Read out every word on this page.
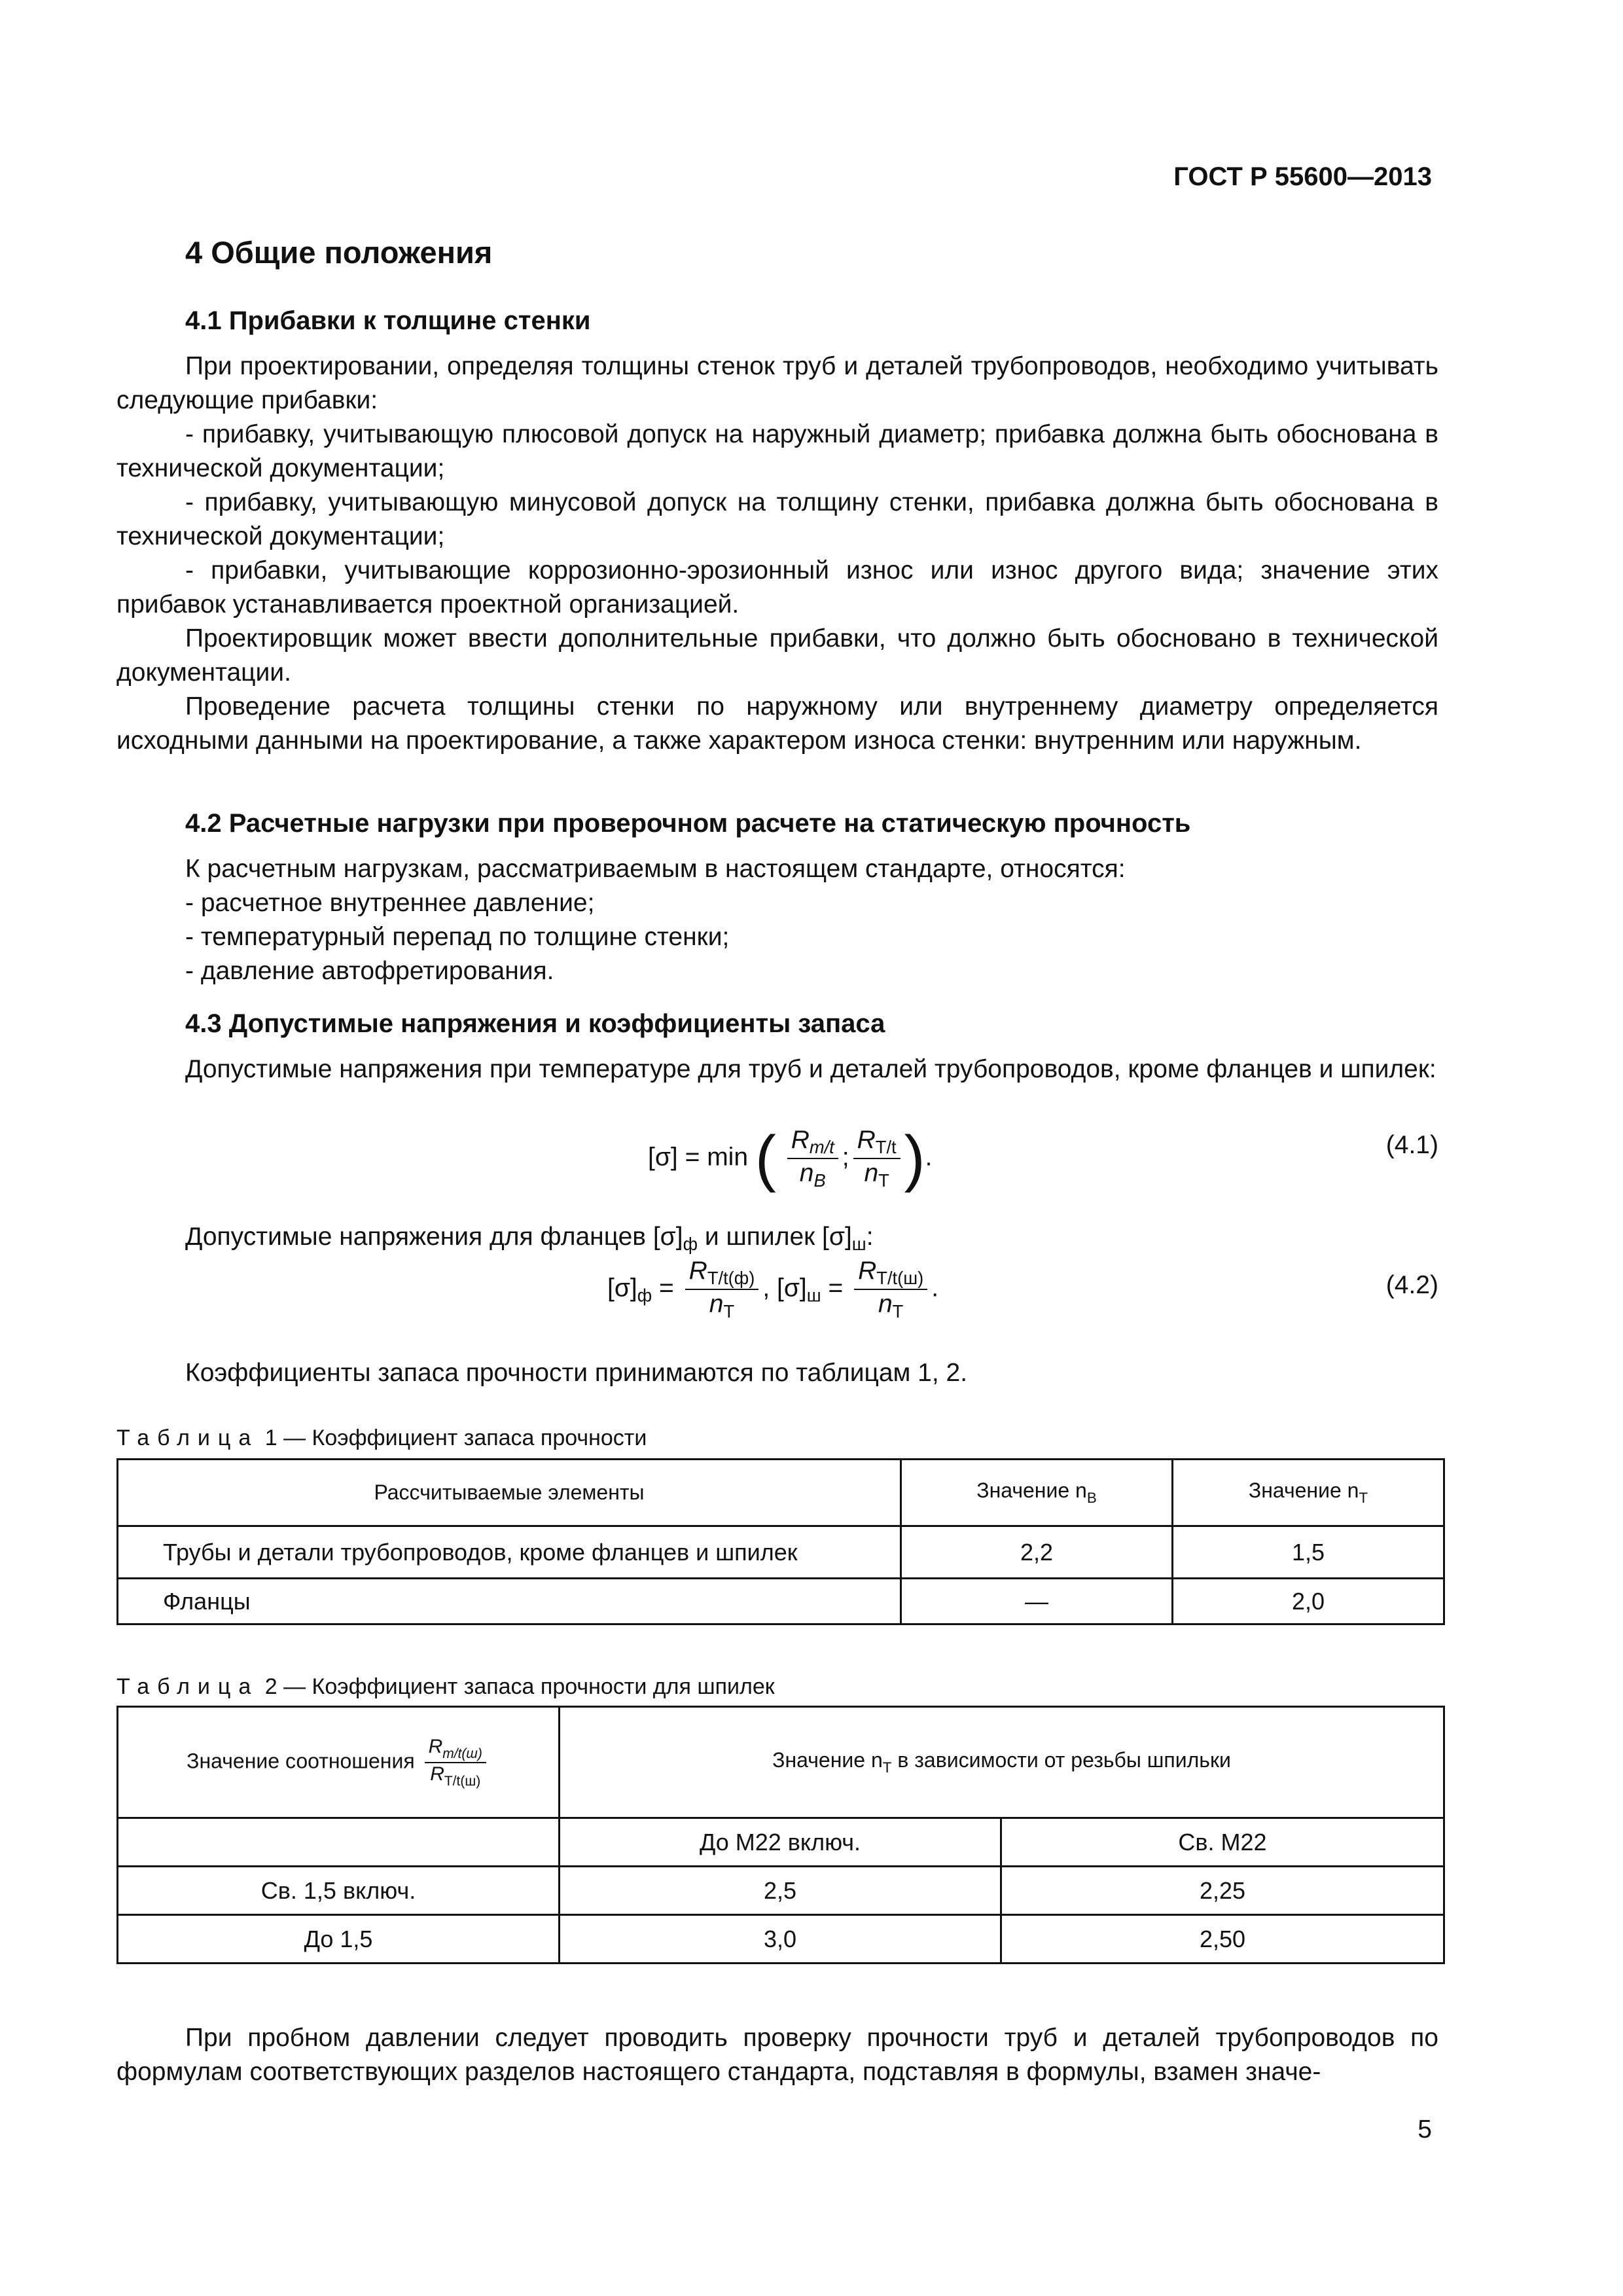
ГОСТ Р 55600—2013
4 Общие положения
4.1 Прибавки к толщине стенки
При проектировании, определяя толщины стенок труб и деталей трубопроводов, необходимо учитывать следующие прибавки:
- прибавку, учитывающую плюсовой допуск на наружный диаметр; прибавка должна быть обоснована в технической документации;
- прибавку, учитывающую минусовой допуск на толщину стенки, прибавка должна быть обоснована в технической документации;
- прибавки, учитывающие коррозионно-эрозионный износ или износ другого вида; значение этих прибавок устанавливается проектной организацией.
Проектировщик может ввести дополнительные прибавки, что должно быть обосновано в технической документации.
Проведение расчета толщины стенки по наружному или внутреннему диаметру определяется исходными данными на проектирование, а также характером износа стенки: внутренним или наружным.
4.2 Расчетные нагрузки при проверочном расчете на статическую прочность
К расчетным нагрузкам, рассматриваемым в настоящем стандарте, относятся:
- расчетное внутреннее давление;
- температурный перепад по толщине стенки;
- давление автофретирования.
4.3 Допустимые напряжения и коэффициенты запаса
Допустимые напряжения при температуре для труб и деталей трубопроводов, кроме фланцев и шпилек:
[σ] = min ( $\frac{R_{m/t}}{n_B}$ ; $\frac{R_{T/t}}{n_T}$ ).	(4.1)
Допустимые напряжения для фланцев $[\sigma]_ф$ и шпилек $[\sigma]_ш$:
$[\sigma]_ф = \frac{R_{T/t(ф)}}{n_T}$ , $[\sigma]_ш = \frac{R_{T/t(ш)}}{n_T}$ .	(4.2)
Коэффициенты запаса прочности принимаются по таблицам 1, 2.
Таблица 1 — Коэффициент запаса прочности
Рассчитываемые элементы	Значение $n_В$	Значение $n_Т$
Трубы и детали трубопроводов, кроме фланцев и шпилек	2,2	1,5
Фланцы	—	2,0
Таблица 2 — Коэффициент запаса прочности для шпилек
Значение соотношения $\frac{R_{m/t(ш)}}{R_{T/t(ш)}}$	Значение $n_Т$ в зависимости от резьбы шпильки	
	До М22 включ.	Св. М22
Св. 1,5 включ.	2,5	2,25
До 1,5	3,0	2,50
При пробном давлении следует проводить проверку прочности труб и деталей трубопроводов по формулам соответствующих разделов настоящего стандарта, подставляя в формулы, взамен значе-
5
